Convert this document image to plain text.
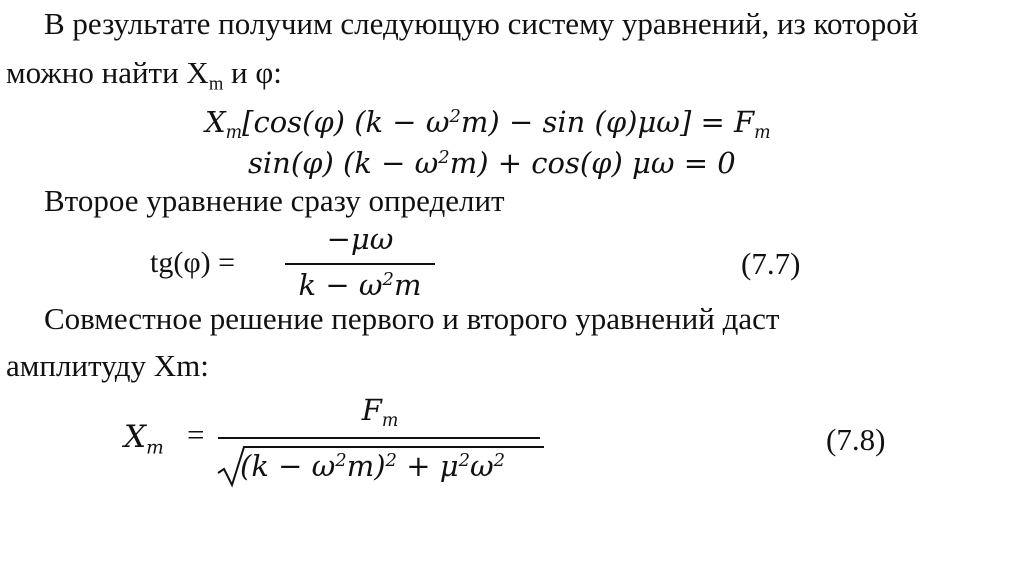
В результате получим следующую систему уравнений, из которой
можно найти $X_m$ и φ:
$X_m[\cos(\varphi) (k - \omega^2m) - \sin (\varphi)\mu\omega] = F_m$
sin(φ) $(k - \omega^2m) + \cos(\varphi)$ μω = 0
Второе уравнение сразу определит
tg(φ) =
−μω
$k - \omega^2m$
(7.7)
Совместное решение первого и второго уравнений даст
амплитуду Xm:
$X_m$ =
$F_m$
$(k - \omega^2m)^2 + \mu^2\omega^2$
(7.8)
